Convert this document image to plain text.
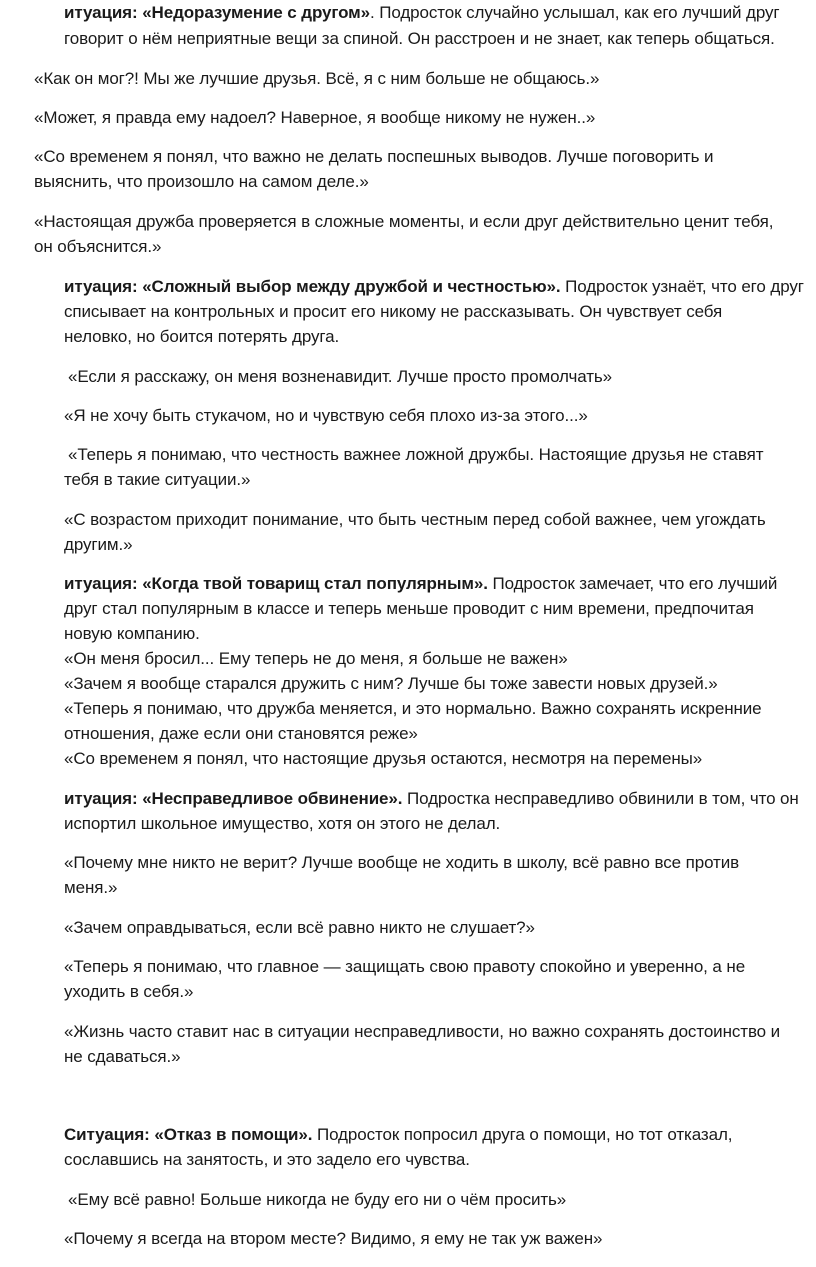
итуация: «Недоразумение с другом». Подросток случайно услышал, как его лучший друг
говорит о нём неприятные вещи за спиной. Он расстроен и не знает, как теперь общаться.
«Как он мог?! Мы же лучшие друзья. Всё, я с ним больше не общаюсь.»
«Может, я правда ему надоел? Наверное, я вообще никому не нужен..»
«Со временем я понял, что важно не делать поспешных выводов. Лучше поговорить и
выяснить, что произошло на самом деле.»
«Настоящая дружба проверяется в сложные моменты, и если друг действительно ценит тебя,
он объяснится.»
итуация: «Сложный выбор между дружбой и честностью». Подросток узнаёт, что его друг
списывает на контрольных и просит его никому не рассказывать. Он чувствует себя
неловко, но боится потерять друга.
«Если я расскажу, он меня возненавидит. Лучше просто промолчать»
«Я не хочу быть стукачом, но и чувствую себя плохо из-за этого...»
«Теперь я понимаю, что честность важнее ложной дружбы. Настоящие друзья не ставят
тебя в такие ситуации.»
«С возрастом приходит понимание, что быть честным перед собой важнее, чем угождать
другим.»
итуация: «Когда твой товарищ стал популярным». Подросток замечает, что его лучший
друг стал популярным в классе и теперь меньше проводит с ним времени, предпочитая
новую компанию.
«Он меня бросил... Ему теперь не до меня, я больше не важен»
«Зачем я вообще старался дружить с ним? Лучше бы тоже завести новых друзей.»
«Теперь я понимаю, что дружба меняется, и это нормально. Важно сохранять искренние
отношения, даже если они становятся реже»
«Со временем я понял, что настоящие друзья остаются, несмотря на перемены»
итуация: «Несправедливое обвинение». Подростка несправедливо обвинили в том, что он
испортил школьное имущество, хотя он этого не делал.
«Почему мне никто не верит? Лучше вообще не ходить в школу, всё равно все против
меня.»
«Зачем оправдываться, если всё равно никто не слушает?»
«Теперь я понимаю, что главное — защищать свою правоту спокойно и уверенно, а не
уходить в себя.»
«Жизнь часто ставит нас в ситуации несправедливости, но важно сохранять достоинство и
не сдаваться.»
Ситуация: «Отказ в помощи». Подросток попросил друга о помощи, но тот отказал,
сославшись на занятость, и это задело его чувства.
«Ему всё равно! Больше никогда не буду его ни о чём просить»
«Почему я всегда на втором месте? Видимо, я ему не так уж важен»
